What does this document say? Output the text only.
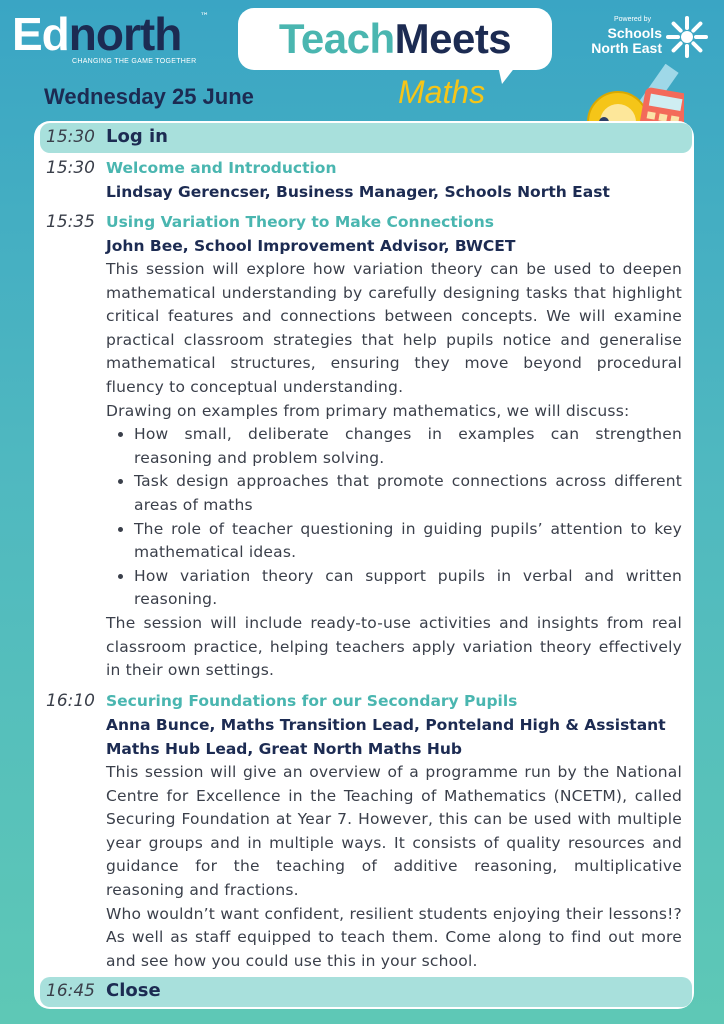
Ednorth ™
CHANGING THE GAME TOGETHER	TeachMeets
Maths
Powered by
Schools
North East
Wednesday 25 June
15:30 Log in
15:30 Welcome and Introduction

Lindsay Gerencser, Business Manager, Schools North East

15:35 Using Variation Theory to Make Connections

John Bee, School Improvement Advisor, BWCET

This session will explore how variation theory can be used to deepen mathematical understanding by carefully designing tasks that highlight critical features and connections between concepts. We will examine practical classroom strategies that help pupils notice and generalise mathematical structures, ensuring they move beyond procedural fluency to conceptual understanding.

Drawing on examples from primary mathematics, we will discuss:

• How small, deliberate changes in examples can strengthen reasoning and problem solving.
• Task design approaches that promote connections across different areas of maths
• The role of teacher questioning in guiding pupils’ attention to key mathematical ideas.
• How variation theory can support pupils in verbal and written reasoning.

The session will include ready-to-use activities and insights from real classroom practice, helping teachers apply variation theory effectively in their own settings.

16:10 Securing Foundations for our Secondary Pupils

Anna Bunce, Maths Transition Lead, Ponteland High & Assistant Maths Hub Lead, Great North Maths Hub

This session will give an overview of a programme run by the National Centre for Excellence in the Teaching of Mathematics (NCETM), called Securing Foundation at Year 7. However, this can be used with multiple year groups and in multiple ways. It consists of quality resources and guidance for the teaching of additive reasoning, multiplicative reasoning and fractions.

Who wouldn’t want confident, resilient students enjoying their lessons!? As well as staff equipped to teach them. Come along to find out more and see how you could use this in your school.

16:45 Close
